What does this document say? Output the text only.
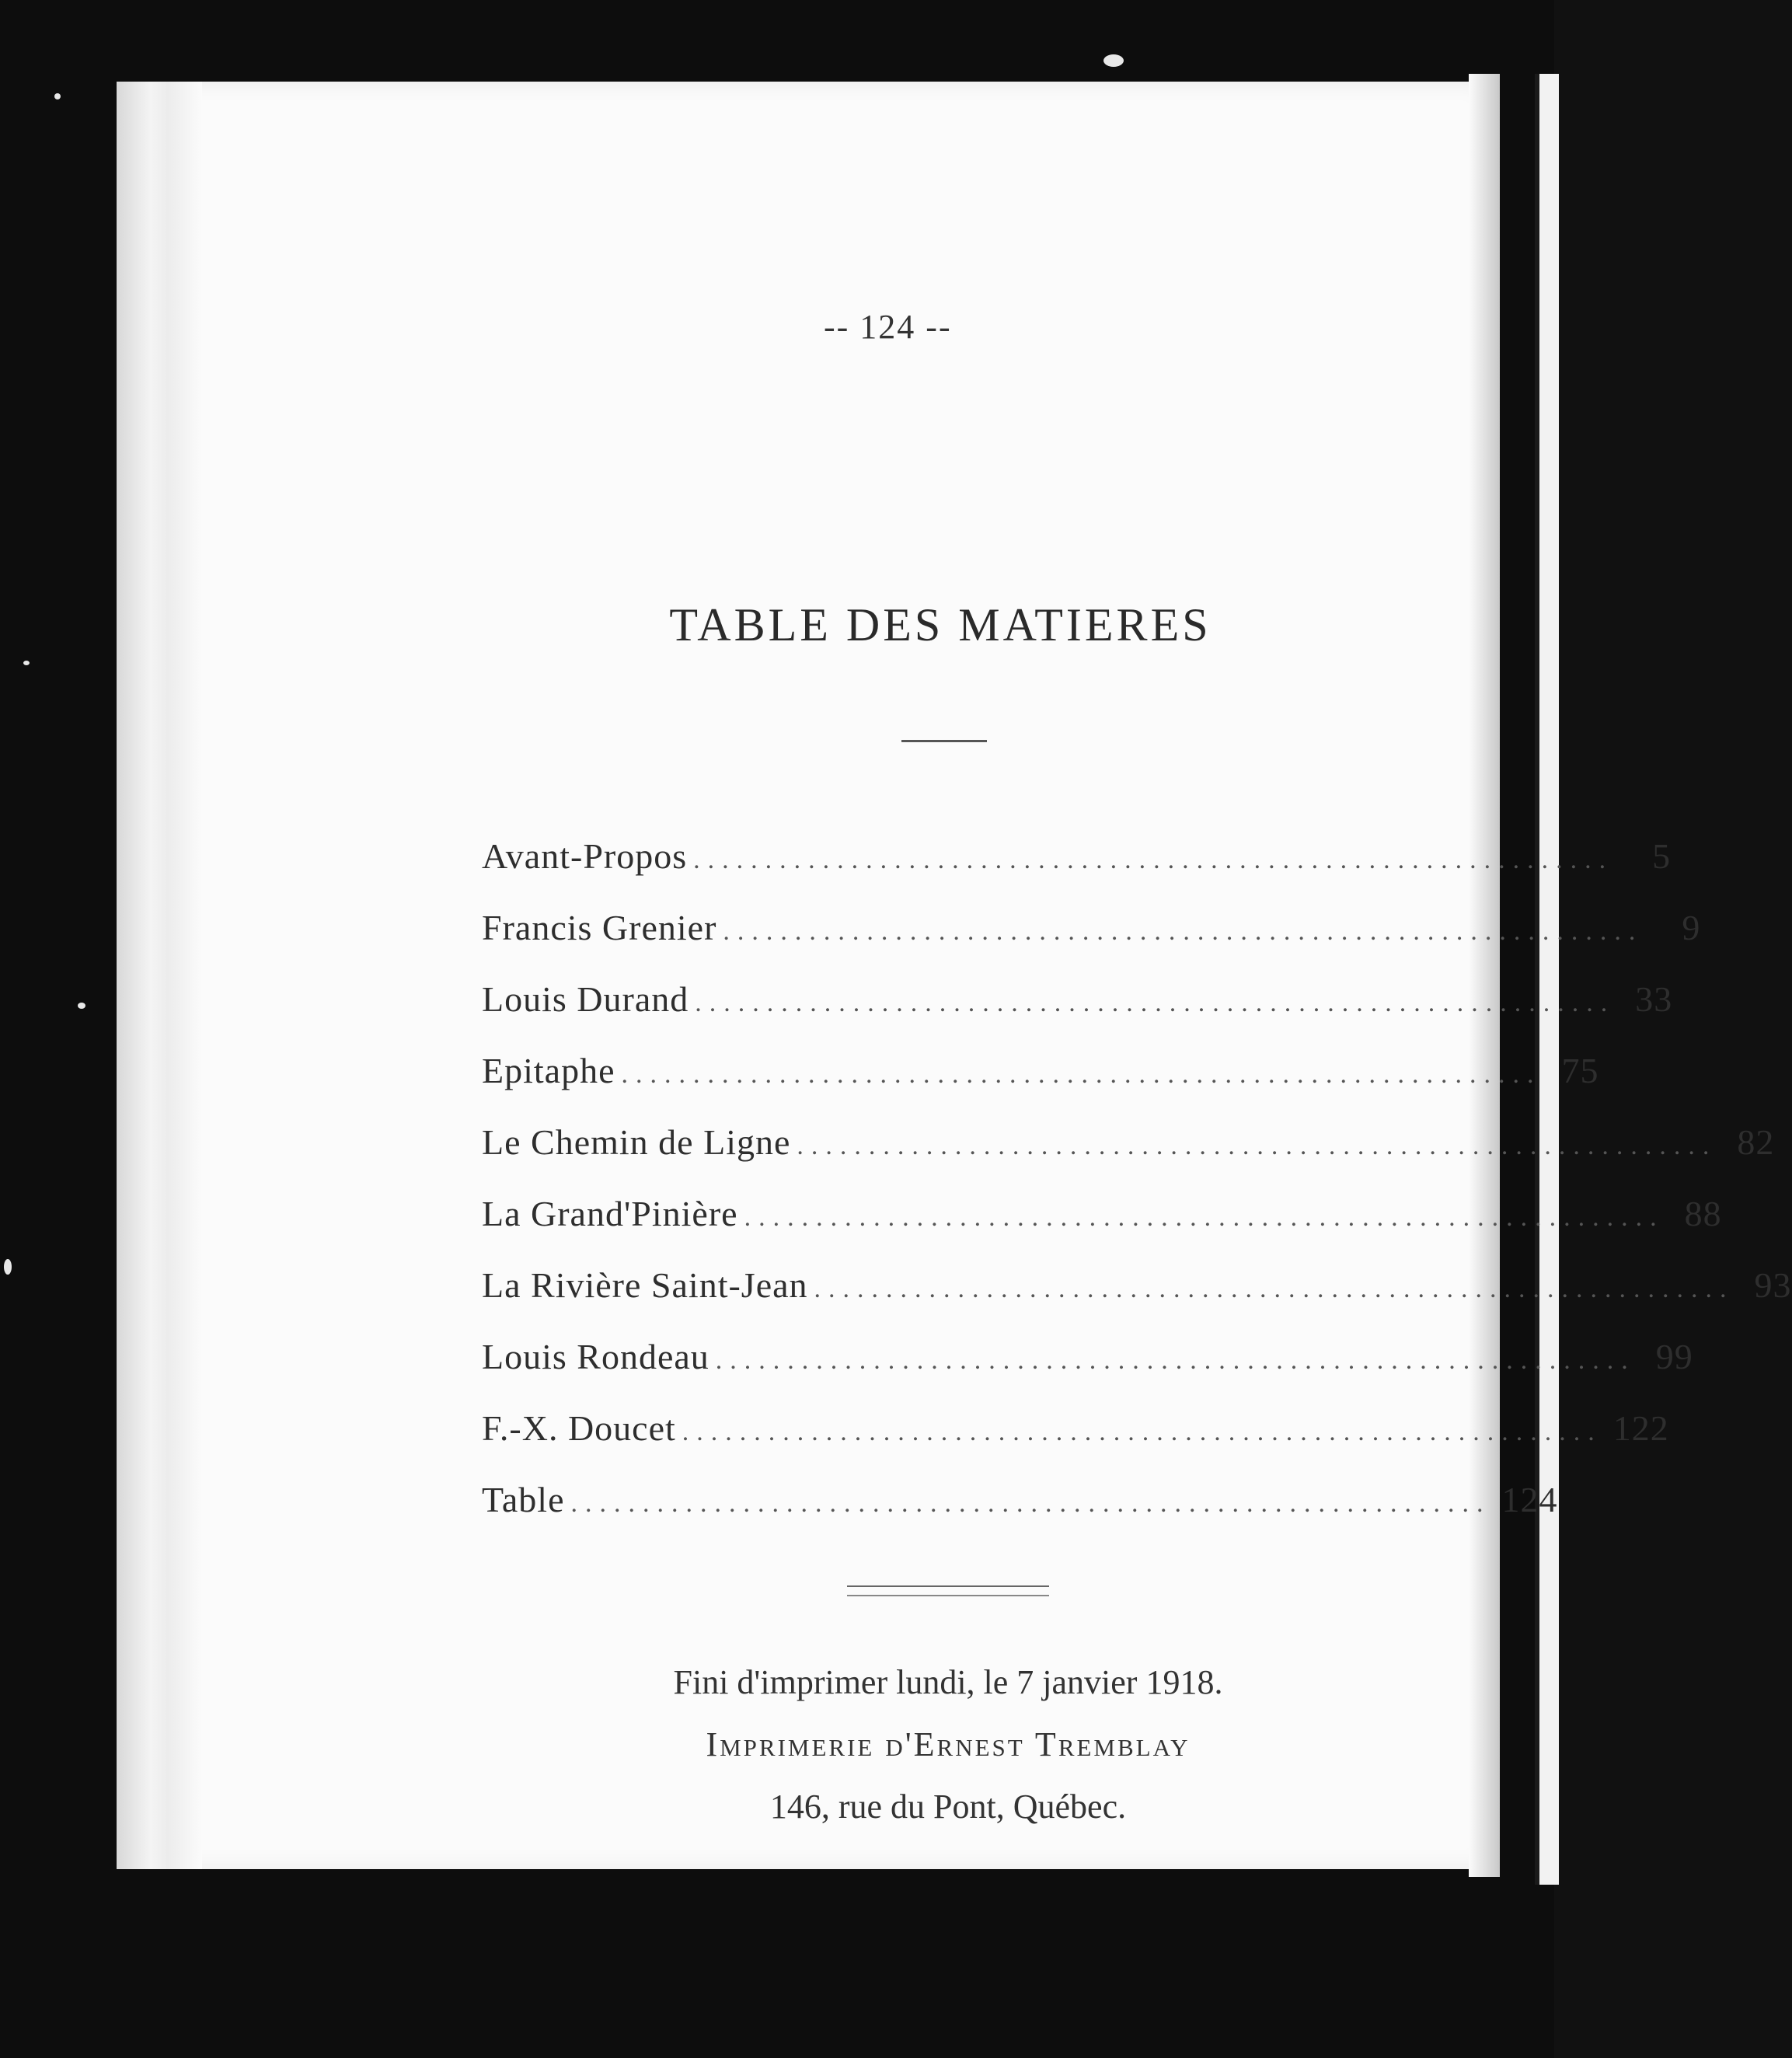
-- 124 --
TABLE DES MATIERES
Avant-Propos ................................................................	5
Francis Grenier ................................................................	9
Louis Durand ................................................................ 33
Epitaphe ................................................................ 75
Le Chemin de Ligne ................................................................ 82
La Grand'Pinière ................................................................ 88
La Rivière Saint-Jean ................................................................ 93
Louis Rondeau ................................................................ 99
F.-X. Doucet ................................................................ 122
Table ................................................................ 124
Fini d'imprimer lundi, le 7 janvier 1918.
Imprimerie d'Ernest Tremblay
146, rue du Pont, Québec.
